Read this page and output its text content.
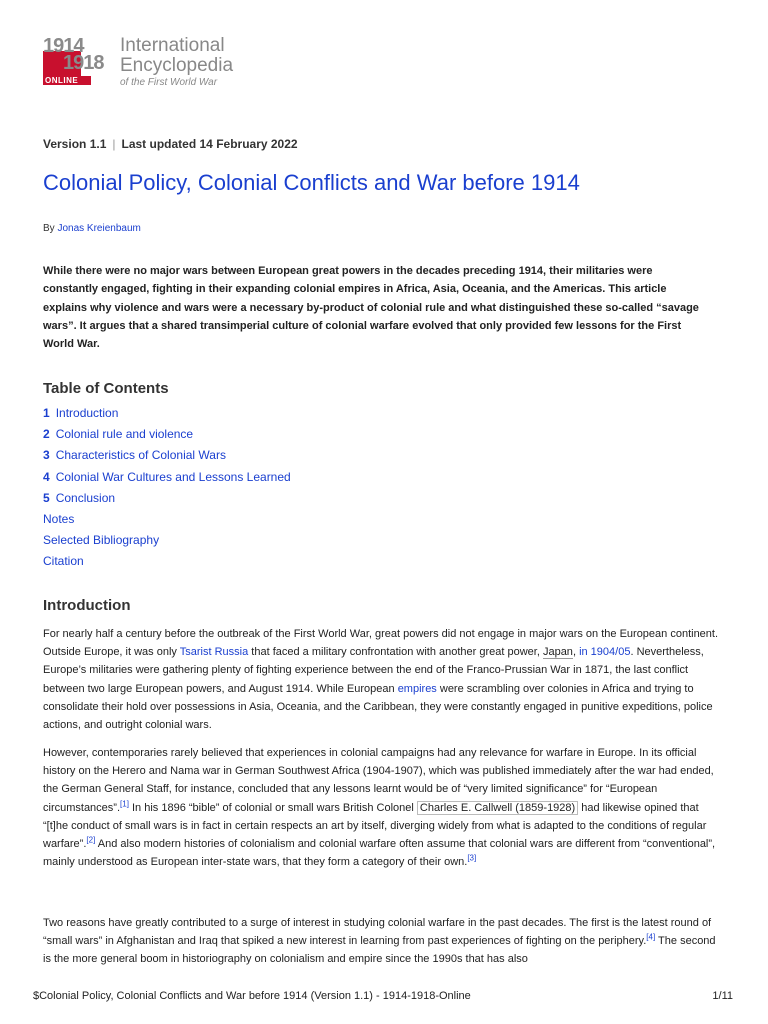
1914
1918
ONLINE
International
Encyclopedia
of the First World War
Version 1.1 | Last updated 14 February 2022
Colonial Policy, Colonial Conflicts and War before 1914
By Jonas Kreienbaum

While there were no major wars between European great powers in the decades preceding 1914, their militaries were constantly engaged, fighting in their expanding colonial empires in Africa, Asia, Oceania, and the Americas. This article explains why violence and wars were a necessary by-product of colonial rule and what distinguished these so-called “savage wars”. It argues that a shared transimperial culture of colonial warfare evolved that only provided few lessons for the First World War.

Table of Contents
1 Introduction
2 Colonial rule and violence
3 Characteristics of Colonial Wars
4 Colonial War Cultures and Lessons Learned
5 Conclusion
Notes
Selected Bibliography
Citation
Introduction

For nearly half a century before the outbreak of the First World War, great powers did not engage in major wars on the European continent. Outside Europe, it was only Tsarist Russia that faced a military confrontation with another great power, Japan, in 1904/05. Nevertheless, Europe’s militaries were gathering plenty of fighting experience between the end of the Franco-Prussian War in 1871, the last conflict between two large European powers, and August 1914. While European empires were scrambling over colonies in Africa and trying to consolidate their hold over possessions in Asia, Oceania, and the Caribbean, they were constantly engaged in punitive expeditions, police actions, and outright colonial wars.

However, contemporaries rarely believed that experiences in colonial campaigns had any relevance for warfare in Europe. In its official history on the Herero and Nama war in German Southwest Africa (1904-1907), which was published immediately after the war had ended, the German General Staff, for instance, concluded that any lessons learnt would be of “very limited significance” for “European circumstances”.[1] In his 1896 “bible” of colonial or small wars British Colonel Charles E. Callwell (1859-1928) had likewise opined that “[t]he conduct of small wars is in fact in certain respects an art by itself, diverging widely from what is adapted to the conditions of regular warfare”.[2] And also modern histories of colonialism and colonial warfare often assume that colonial wars are different from “conventional”, mainly understood as European inter-state wars, that they form a category of their own.[3]

Two reasons have greatly contributed to a surge of interest in studying colonial warfare in the past decades. The first is the latest round of “small wars” in Afghanistan and Iraq that spiked a new interest in learning from past experiences of fighting on the periphery.[4] The second is the more general boom in historiography on colonialism and empire since the 1990s that has also

$Colonial Policy, Colonial Conflicts and War before 1914 (Version 1.1) - 1914-1918-Online	1/11
